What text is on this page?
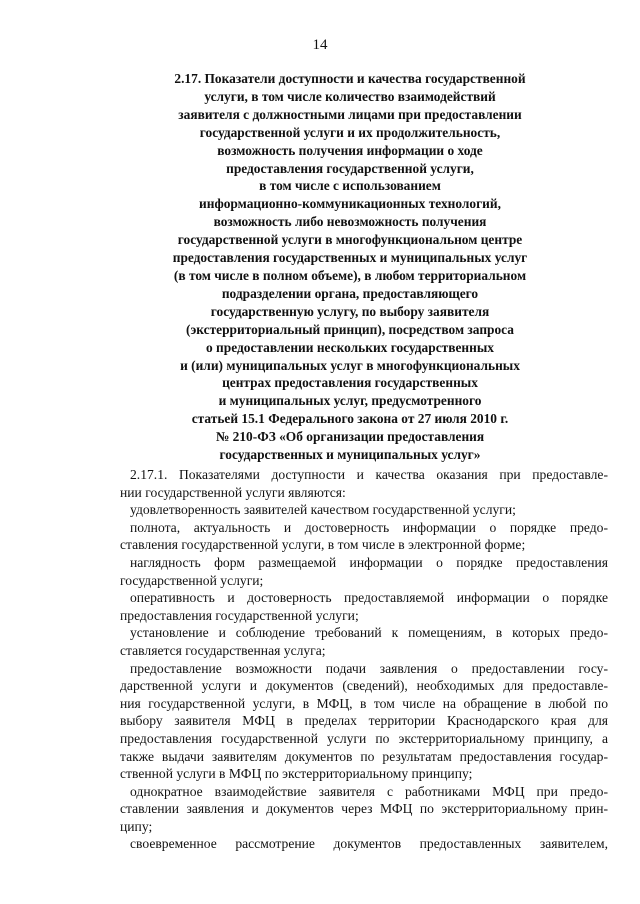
14
2.17. Показатели доступности и качества государственной
услуги, в том числе количество взаимодействий
заявителя с должностными лицами при предоставлении
государственной услуги и их продолжительность,
возможность получения информации о ходе
предоставления государственной услуги,
в том числе с использованием
информационно-коммуникационных технологий,
возможность либо невозможность получения
государственной услуги в многофункциональном центре
предоставления государственных и муниципальных услуг
(в том числе в полном объеме), в любом территориальном
подразделении органа, предоставляющего
государственную услугу, по выбору заявителя
(экстерриториальный принцип), посредством запроса
о предоставлении нескольких государственных
и (или) муниципальных услуг в многофункциональных
центрах предоставления государственных
и муниципальных услуг, предусмотренного
статьей 15.1 Федерального закона от 27 июля 2010 г.
№ 210-ФЗ «Об организации предоставления
государственных и муниципальных услуг»
2.17.1. Показателями доступности и качества оказания при предоставле-
нии государственной услуги являются:
удовлетворенность заявителей качеством государственной услуги;
полнота, актуальность и достоверность информации о порядке предо-
ставления государственной услуги, в том числе в электронной форме;
наглядность форм размещаемой информации о порядке предоставления
государственной услуги;
оперативность и достоверность предоставляемой информации о порядке
предоставления государственной услуги;
установление и соблюдение требований к помещениям, в которых предо-
ставляется государственная услуга;
предоставление возможности подачи заявления о предоставлении госу-
дарственной услуги и документов (сведений), необходимых для предоставле-
ния государственной услуги, в МФЦ, в том числе на обращение в любой по
выбору заявителя МФЦ в пределах территории Краснодарского края для
предоставления государственной услуги по экстерриториальному принципу, а
также выдачи заявителям документов по результатам предоставления государ-
ственной услуги в МФЦ по экстерриториальному принципу;
однократное взаимодействие заявителя с работниками МФЦ при предо-
ставлении заявления и документов через МФЦ по экстерриториальному прин-
ципу;
своевременное рассмотрение документов предоставленных заявителем,
